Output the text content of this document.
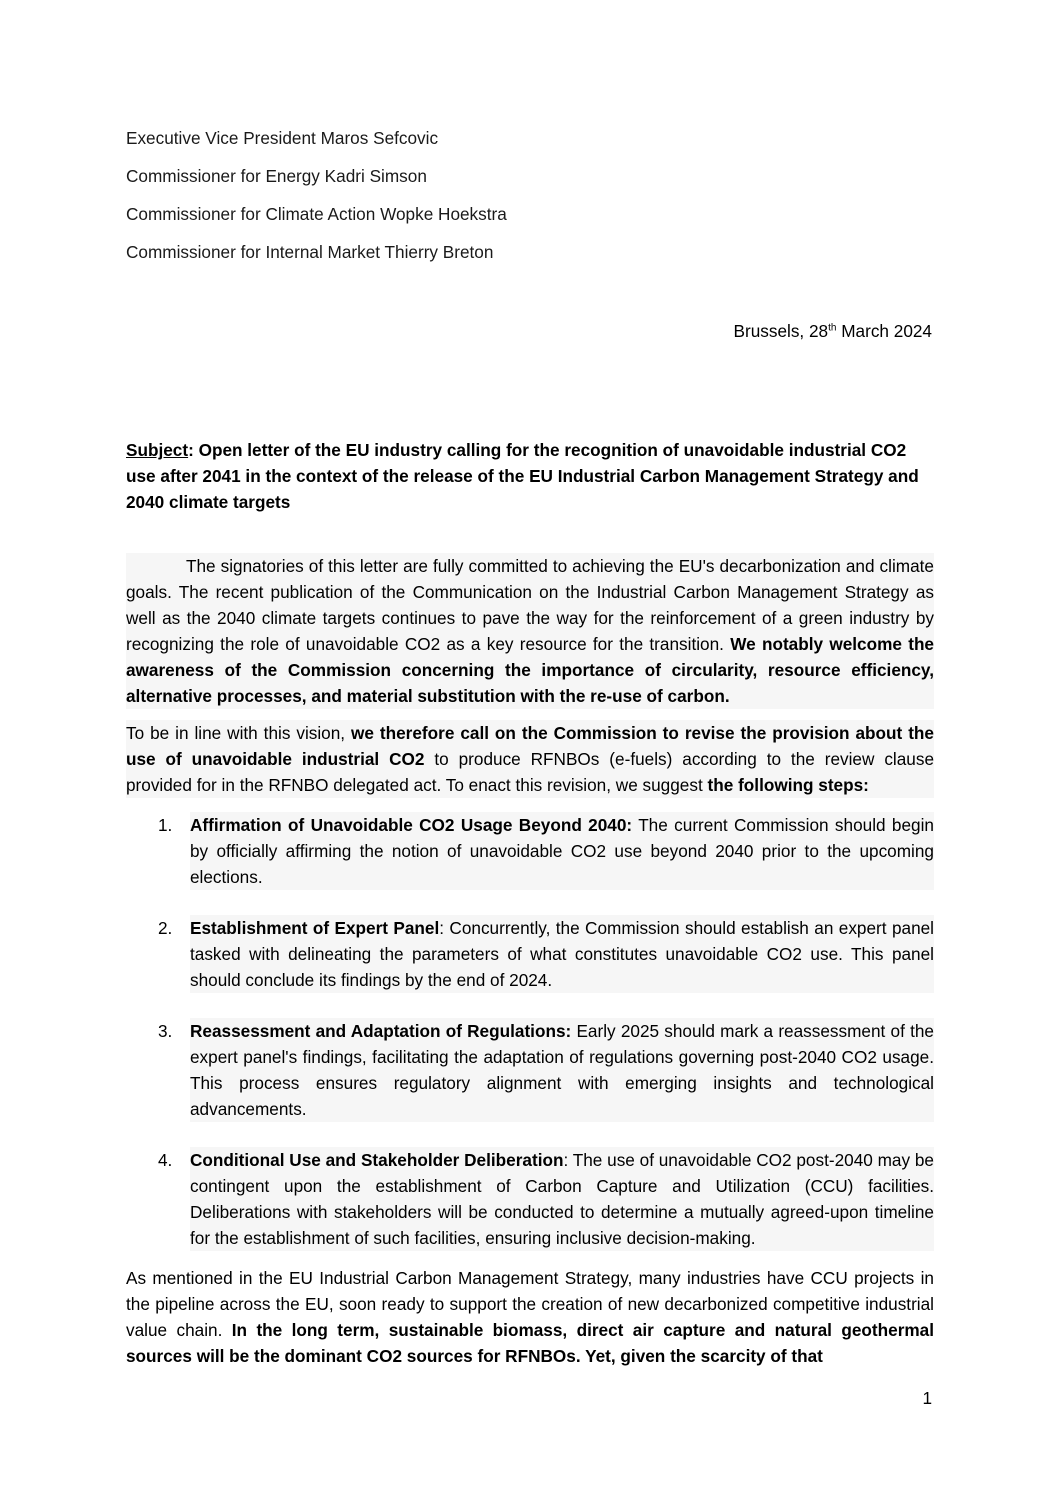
Executive Vice President Maros Sefcovic
Commissioner for Energy Kadri Simson
Commissioner for Climate Action Wopke Hoekstra
Commissioner for Internal Market Thierry Breton
Brussels, 28th March 2024
Subject: Open letter of the EU industry calling for the recognition of unavoidable industrial CO2 use after 2041 in the context of the release of the EU Industrial Carbon Management Strategy and 2040 climate targets
The signatories of this letter are fully committed to achieving the EU's decarbonization and climate goals. The recent publication of the Communication on the Industrial Carbon Management Strategy as well as the 2040 climate targets continues to pave the way for the reinforcement of a green industry by recognizing the role of unavoidable CO2 as a key resource for the transition. We notably welcome the awareness of the Commission concerning the importance of circularity, resource efficiency, alternative processes, and material substitution with the re-use of carbon.
To be in line with this vision, we therefore call on the Commission to revise the provision about the use of unavoidable industrial CO2 to produce RFNBOs (e-fuels) according to the review clause provided for in the RFNBO delegated act. To enact this revision, we suggest the following steps:
1. Affirmation of Unavoidable CO2 Usage Beyond 2040: The current Commission should begin by officially affirming the notion of unavoidable CO2 use beyond 2040 prior to the upcoming elections.
2. Establishment of Expert Panel: Concurrently, the Commission should establish an expert panel tasked with delineating the parameters of what constitutes unavoidable CO2 use. This panel should conclude its findings by the end of 2024.
3. Reassessment and Adaptation of Regulations: Early 2025 should mark a reassessment of the expert panel's findings, facilitating the adaptation of regulations governing post-2040 CO2 usage. This process ensures regulatory alignment with emerging insights and technological advancements.
4. Conditional Use and Stakeholder Deliberation: The use of unavoidable CO2 post-2040 may be contingent upon the establishment of Carbon Capture and Utilization (CCU) facilities. Deliberations with stakeholders will be conducted to determine a mutually agreed-upon timeline for the establishment of such facilities, ensuring inclusive decision-making.
As mentioned in the EU Industrial Carbon Management Strategy, many industries have CCU projects in the pipeline across the EU, soon ready to support the creation of new decarbonized competitive industrial value chain. In the long term, sustainable biomass, direct air capture and natural geothermal sources will be the dominant CO2 sources for RFNBOs. Yet, given the scarcity of that
1
